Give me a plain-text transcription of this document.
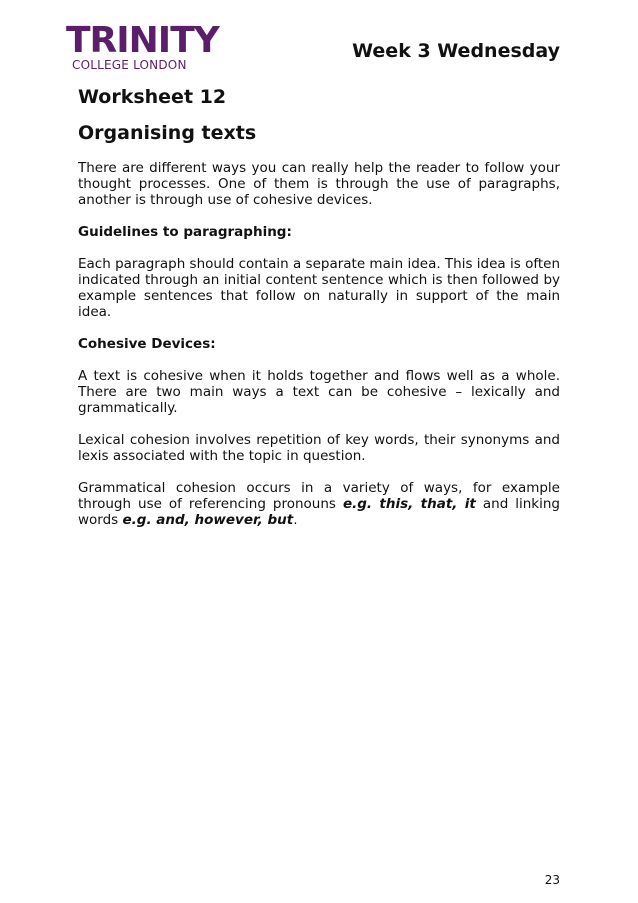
TRINITY
COLLEGE LONDON
Week 3 Wednesday
Worksheet 12
Organising texts

There are different ways you can really help the reader to follow your thought processes. One of them is through the use of paragraphs, another is through use of cohesive devices.

Guidelines to paragraphing:

Each paragraph should contain a separate main idea. This idea is often indicated through an initial content sentence which is then followed by example sentences that follow on naturally in support of the main idea.

Cohesive Devices:

A text is cohesive when it holds together and flows well as a whole. There are two main ways a text can be cohesive – lexically and grammatically.

Lexical cohesion involves repetition of key words, their synonyms and lexis associated with the topic in question.

Grammatical cohesion occurs in a variety of ways, for example through use of referencing pronouns e.g. this, that, it and linking words e.g. and, however, but.

23
